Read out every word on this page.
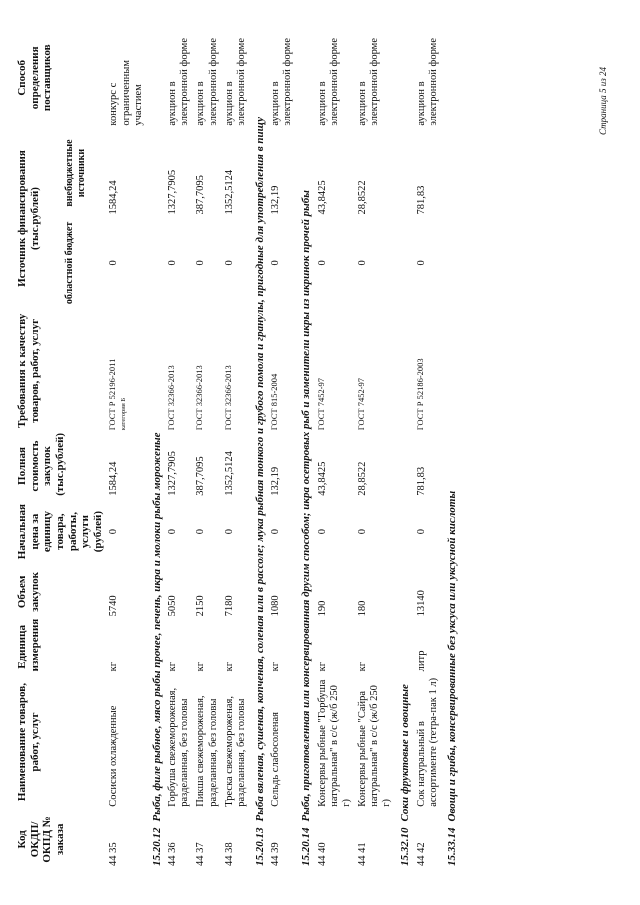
Код ОКДП/ ОКПД № заказа	Наименование товаров, работ, услуг	Единица измерения	Объем закупок	Начальная цена за единицу товара, работы, услуги (рублей)	Полная стоимость закупок (тыс.рублей)	Требования к качеству товаров, работ, услуг	Источник финансирования (тыс.рублей)		Способ определения поставщиков
							областной бюджет	внебюджетные источники	
44 35	Сосиски охлажденные	кг	5740	0	1584,24	ГОСТ Р 52196-2011 категория Б	0	1584,24	конкурс с ограниченным участием
15.20.12Рыба, филе рыбное, мясо рыбы прочее, печень, икра и молоки рыбы мороженые									
44 36	Горбуша свежемороженая, разделанная, без головы	кг	5050	0	1327,7905	ГОСТ 32366-2013	0	1327,7905	аукцион в электронной форме
44 37	Пикша свежемороженая, разделанная, без головы	кг	2150	0	387,7095	ГОСТ 32366-2013	0	387,7095	аукцион в электронной форме
44 38	Треска свежемороженая, разделанная, без головы	кг	7180	0	1352,5124	ГОСТ 32366-2013	0	1352,5124	аукцион в электронной форме
15.20.13Рыба вяленая, сушеная, копченая, соленая или в рассоле; мука рыбная тонкого и грубого помола и гранулы, пригодные для употребления в пищу									
44 39	Сельдь слабосоленая	кг	1080	0	132,19	ГОСТ 815-2004	0	132,19	аукцион в электронной форме
15.20.14Рыба, приготовленная или консервированная другим способом; икра осетровых рыб и заменители икры из икринок прочей рыбы									
44 40	Консервы рыбные "Горбуша натуральная" в с/с (ж/б 250 г)	кг	190	0	43,8425	ГОСТ 7452-97	0	43,8425	аукцион в электронной форме
44 41	Консервы рыбные "Сайра натуральная" в с/с (ж/б 250 г)	кг	180	0	28,8522	ГОСТ 7452-97	0	28,8522	аукцион в электронной форме
15.32.10Соки фруктовые и овощные									
44 42	Сок натуральный в ассортименте (тетра-пак 1 л)	литр	13140	0	781,83	ГОСТ Р 52186-2003	0	781,83	аукцион в электронной форме
15.33.14Овощи и грибы, консервированные без уксуса или уксусной кислоты									
Страница 5 из 24
